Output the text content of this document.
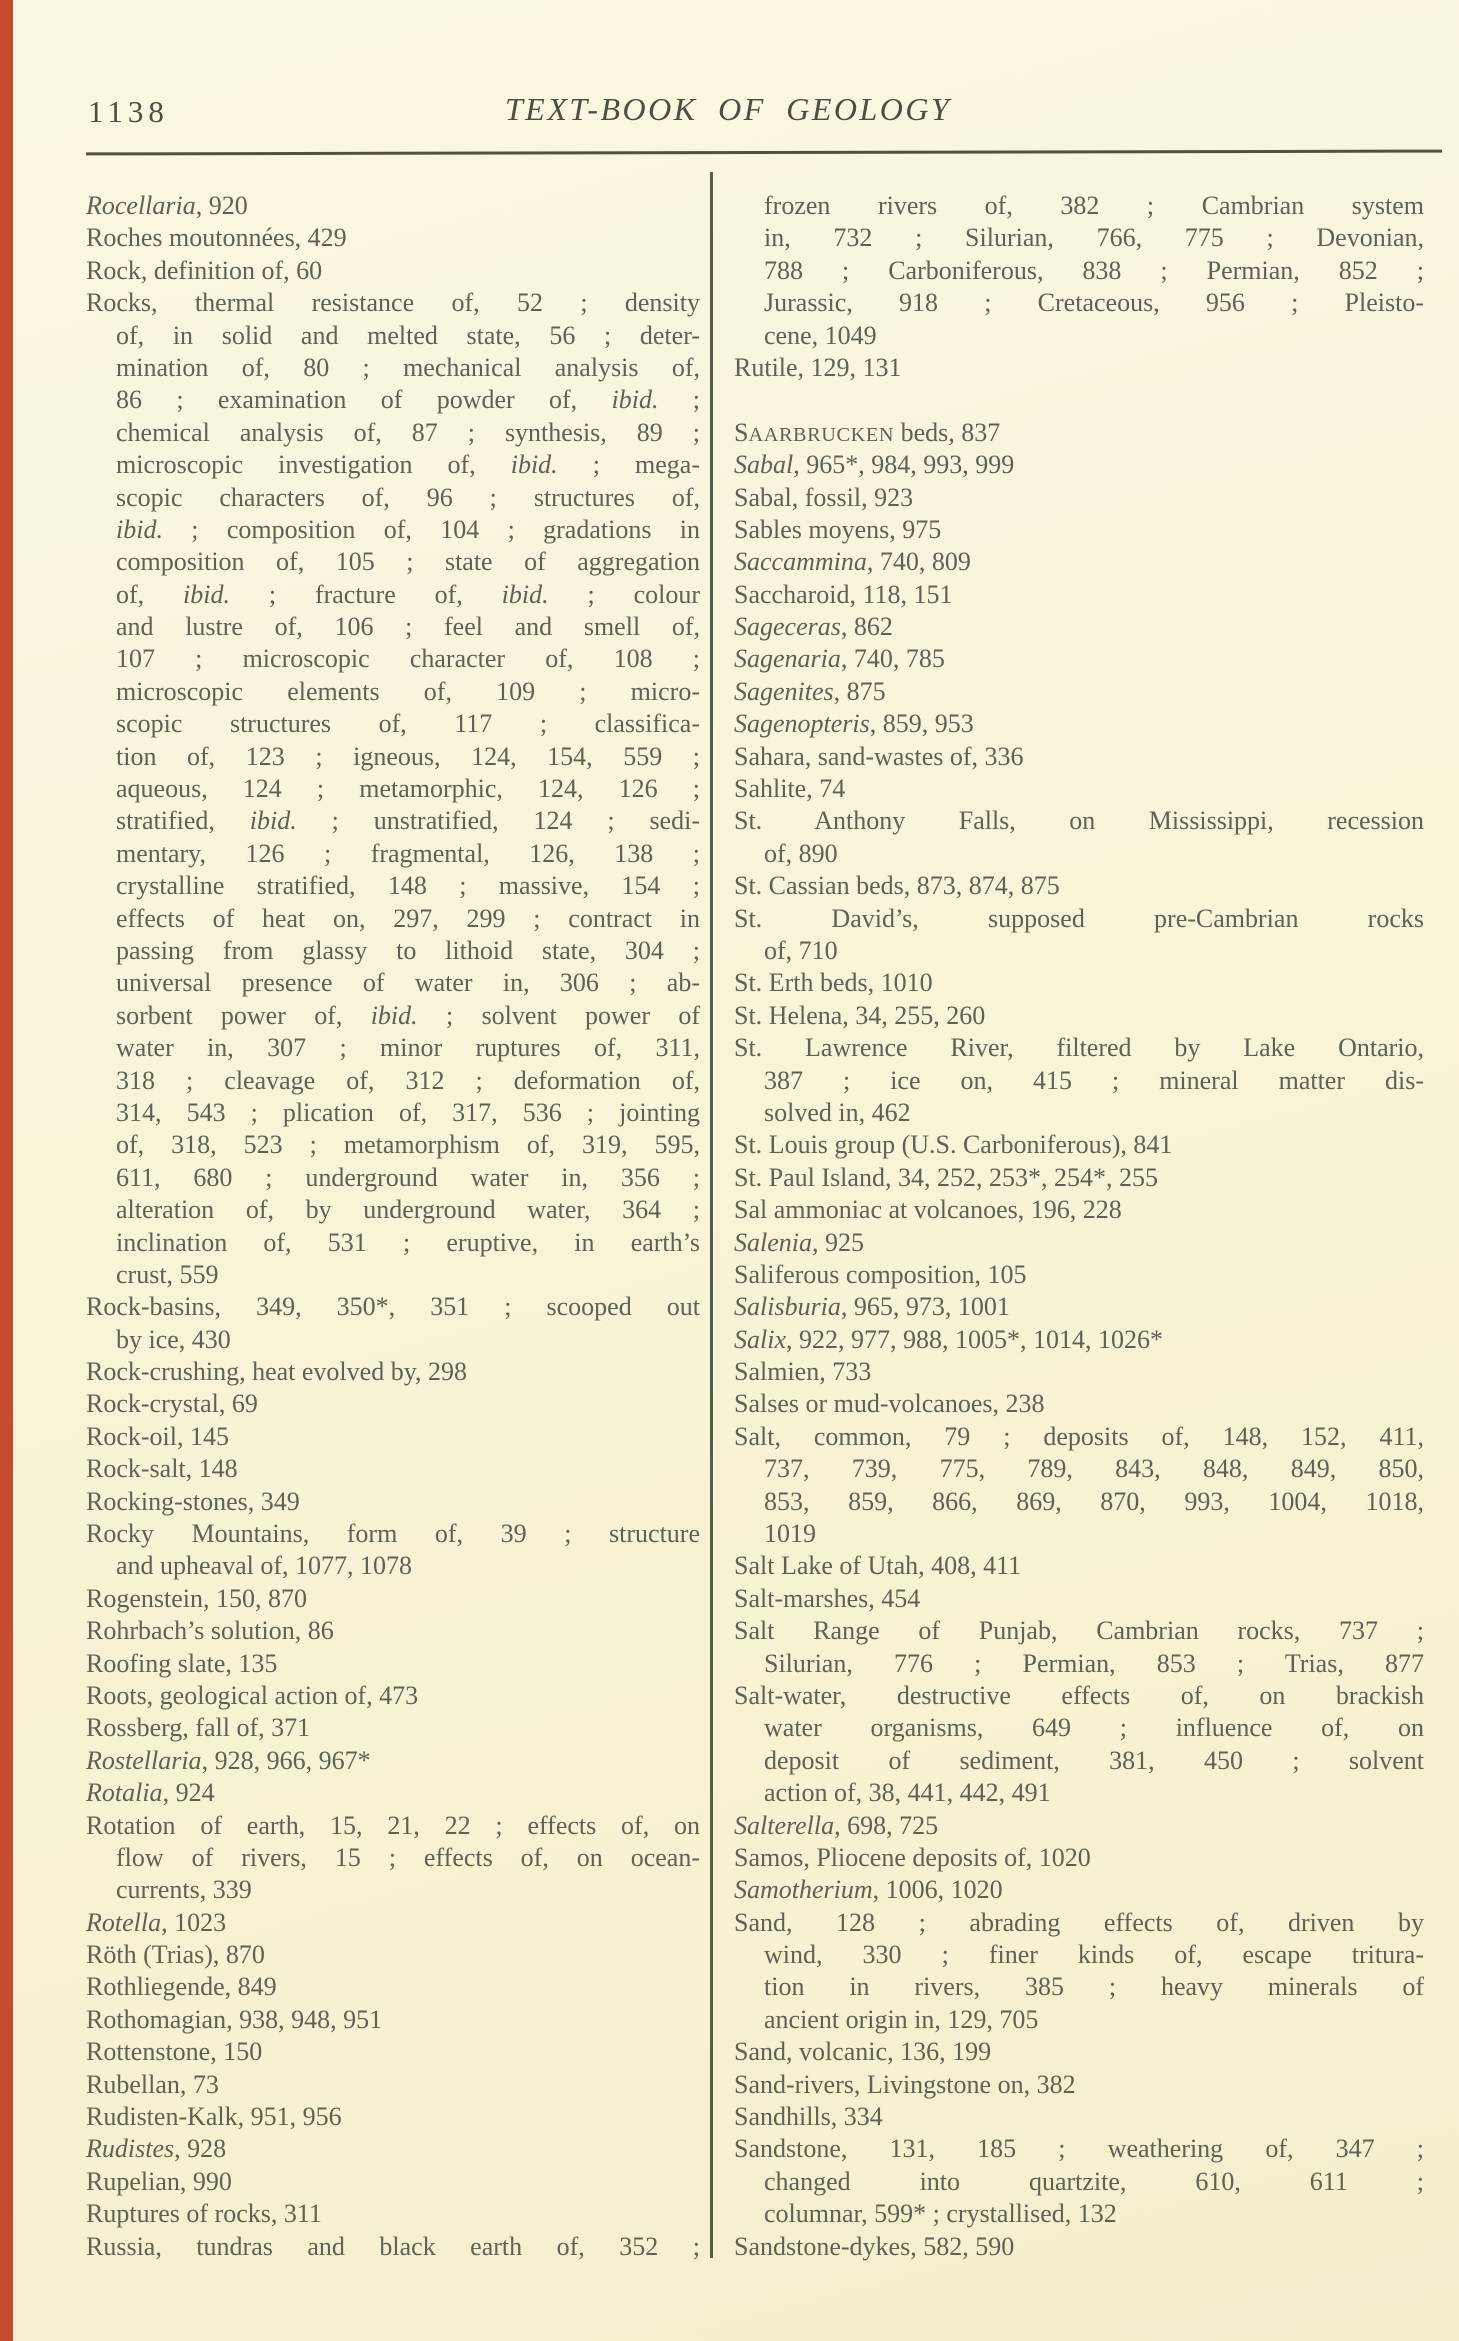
1138	TEXT-BOOK OF GEOLOGY
Rocellaria, 920
Roches moutonnées, 429
Rock, definition of, 60
Rocks, thermal resistance of, 52 ; density
of, in solid and melted state, 56 ; deter-
mination of, 80 ; mechanical analysis of,
86 ; examination of powder of, ibid. ;
chemical analysis of, 87 ; synthesis, 89 ;
microscopic investigation of, ibid. ; mega-
scopic characters of, 96 ; structures of,
ibid. ; composition of, 104 ; gradations in
composition of, 105 ; state of aggregation
of, ibid. ; fracture of, ibid. ; colour
and lustre of, 106 ; feel and smell of,
107 ; microscopic character of, 108 ;
microscopic elements of, 109 ; micro-
scopic structures of, 117 ; classifica-
tion of, 123 ; igneous, 124, 154, 559 ;
aqueous, 124 ; metamorphic, 124, 126 ;
stratified, ibid. ; unstratified, 124 ; sedi-
mentary, 126 ; fragmental, 126, 138 ;
crystalline stratified, 148 ; massive, 154 ;
effects of heat on, 297, 299 ; contract in
passing from glassy to lithoid state, 304 ;
universal presence of water in, 306 ; ab-
sorbent power of, ibid. ; solvent power of
water in, 307 ; minor ruptures of, 311,
318 ; cleavage of, 312 ; deformation of,
314, 543 ; plication of, 317, 536 ; jointing
of, 318, 523 ; metamorphism of, 319, 595,
611, 680 ; underground water in, 356 ;
alteration of, by underground water, 364 ;
inclination of, 531 ; eruptive, in earth’s
crust, 559
Rock-basins, 349, 350*, 351 ; scooped out
by ice, 430
Rock-crushing, heat evolved by, 298
Rock-crystal, 69
Rock-oil, 145
Rock-salt, 148
Rocking-stones, 349
Rocky Mountains, form of, 39 ; structure
and upheaval of, 1077, 1078
Rogenstein, 150, 870
Rohrbach’s solution, 86
Roofing slate, 135
Roots, geological action of, 473
Rossberg, fall of, 371
Rostellaria, 928, 966, 967*
Rotalia, 924
Rotation of earth, 15, 21, 22 ; effects of, on
flow of rivers, 15 ; effects of, on ocean-
currents, 339
Rotella, 1023
Röth (Trias), 870
Rothliegende, 849
Rothomagian, 938, 948, 951
Rottenstone, 150
Rubellan, 73
Rudisten-Kalk, 951, 956
Rudistes, 928
Rupelian, 990
Ruptures of rocks, 311
Russia, tundras and black earth of, 352 ;
frozen rivers of, 382 ; Cambrian system
in, 732 ; Silurian, 766, 775 ; Devonian,
788 ; Carboniferous, 838 ; Permian, 852 ;
Jurassic, 918 ; Cretaceous, 956 ; Pleisto-
cene, 1049
Rutile, 129, 131
SAARBRUCKEN beds, 837
Sabal, 965*, 984, 993, 999
Sabal, fossil, 923
Sables moyens, 975
Saccammina, 740, 809
Saccharoid, 118, 151
Sageceras, 862
Sagenaria, 740, 785
Sagenites, 875
Sagenopteris, 859, 953
Sahara, sand-wastes of, 336
Sahlite, 74
St. Anthony Falls, on Mississippi, recession
of, 890
St. Cassian beds, 873, 874, 875
St. David’s, supposed pre-Cambrian rocks
of, 710
St. Erth beds, 1010
St. Helena, 34, 255, 260
St. Lawrence River, filtered by Lake Ontario,
387 ; ice on, 415 ; mineral matter dis-
solved in, 462
St. Louis group (U.S. Carboniferous), 841
St. Paul Island, 34, 252, 253*, 254*, 255
Sal ammoniac at volcanoes, 196, 228
Salenia, 925
Saliferous composition, 105
Salisburia, 965, 973, 1001
Salix, 922, 977, 988, 1005*, 1014, 1026*
Salmien, 733
Salses or mud-volcanoes, 238
Salt, common, 79 ; deposits of, 148, 152, 411,
737, 739, 775, 789, 843, 848, 849, 850,
853, 859, 866, 869, 870, 993, 1004, 1018,
1019
Salt Lake of Utah, 408, 411
Salt-marshes, 454
Salt Range of Punjab, Cambrian rocks, 737 ;
Silurian, 776 ; Permian, 853 ; Trias, 877
Salt-water, destructive effects of, on brackish
water organisms, 649 ; influence of, on
deposit of sediment, 381, 450 ; solvent
action of, 38, 441, 442, 491
Salterella, 698, 725
Samos, Pliocene deposits of, 1020
Samotherium, 1006, 1020
Sand, 128 ; abrading effects of, driven by
wind, 330 ; finer kinds of, escape tritura-
tion in rivers, 385 ; heavy minerals of
ancient origin in, 129, 705
Sand, volcanic, 136, 199
Sand-rivers, Livingstone on, 382
Sandhills, 334
Sandstone, 131, 185 ; weathering of, 347 ;
changed into quartzite, 610, 611 ;
columnar, 599* ; crystallised, 132
Sandstone-dykes, 582, 590
